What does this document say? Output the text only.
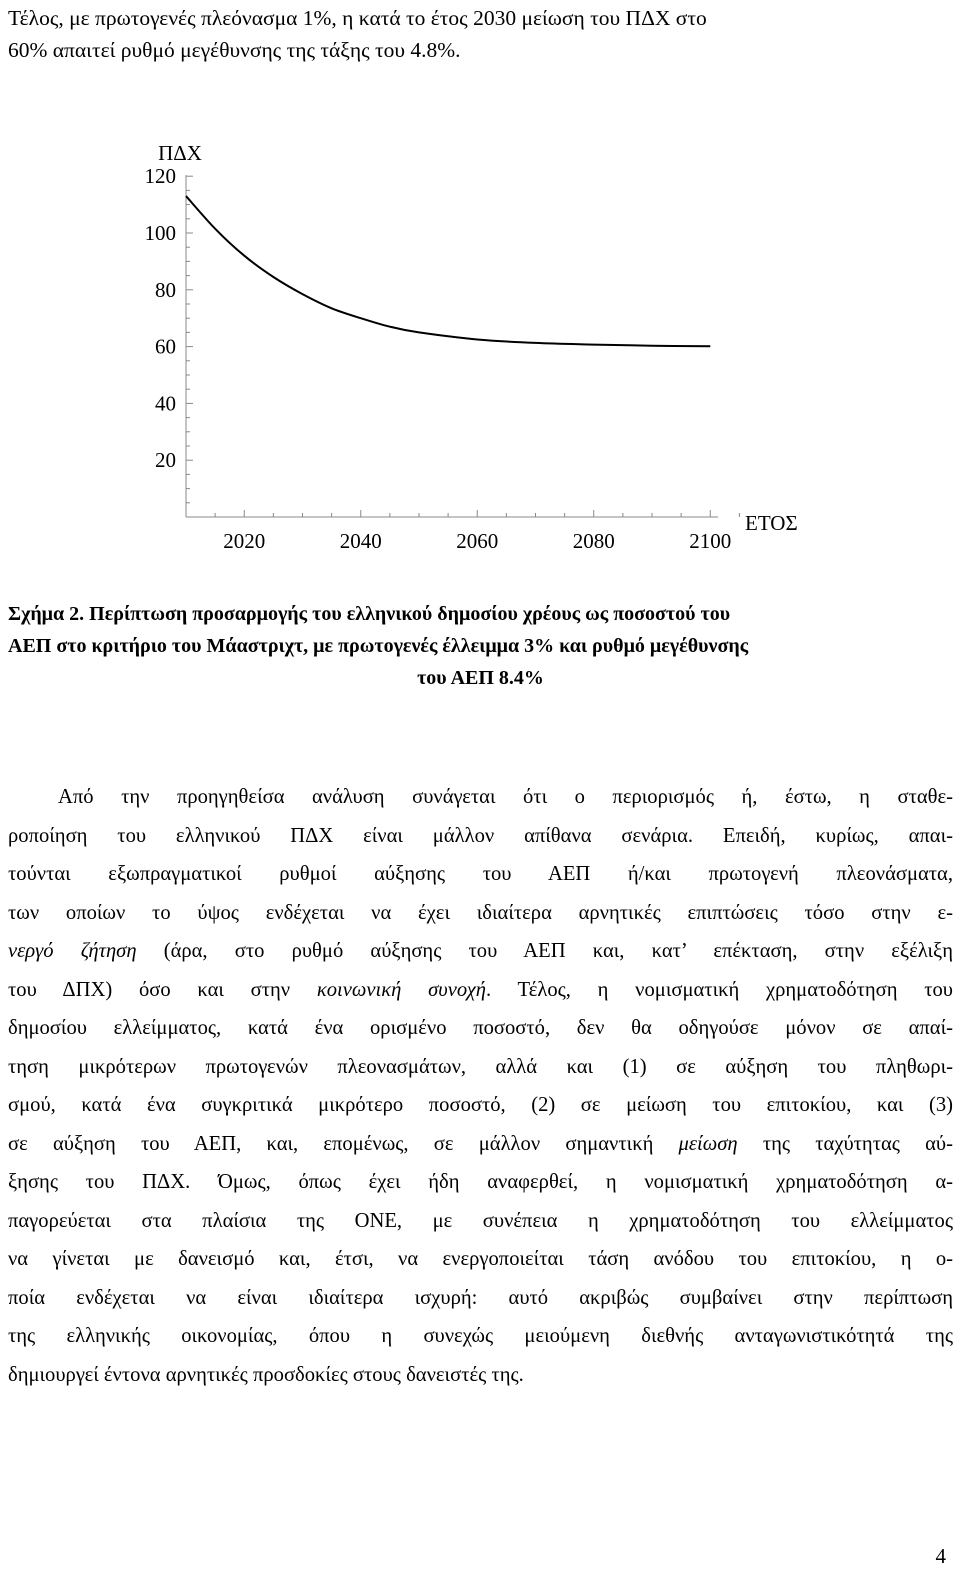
Τέλος, με πρωτογενές πλεόνασμα 1%, η κατά το έτος 2030 μείωση του ΠΔΧ στο
60% απαιτεί ρυθμό μεγέθυνσης της τάξης του 4.8%.

ΠΔΧ
ΕΤΟΣ
2020	2040	2060	2080	2100
20
40
60
80
100
120

Σχήμα 2. Περίπτωση προσαρμογής του ελληνικού δημοσίου χρέους ως ποσοστού του
ΑΕΠ στο κριτήριο του Μάαστριχτ, με πρωτογενές έλλειμμα 3% και ρυθμό μεγέθυνσης
του ΑΕΠ 8.4%

Από την προηγηθείσα ανάλυση συνάγεται ότι ο περιορισμός ή, έστω, η σταθε-
ροποίηση του ελληνικού ΠΔΧ είναι μάλλον απίθανα σενάρια. Επειδή, κυρίως, απαι-
τούνται εξωπραγματικοί ρυθμοί αύξησης του ΑΕΠ ή/και πρωτογενή πλεονάσματα,
των οποίων το ύψος ενδέχεται να έχει ιδιαίτερα αρνητικές επιπτώσεις τόσο στην ε-
νεργό ζήτηση (άρα, στο ρυθμό αύξησης του ΑΕΠ και, κατ’ επέκταση, στην εξέλιξη
του ΔΠΧ) όσο και στην κοινωνική συνοχή. Τέλος, η νομισματική χρηματοδότηση του
δημοσίου ελλείμματος, κατά ένα ορισμένο ποσοστό, δεν θα οδηγούσε μόνον σε απαί-
τηση μικρότερων πρωτογενών πλεονασμάτων, αλλά και (1) σε αύξηση του πληθωρι-
σμού, κατά ένα συγκριτικά μικρότερο ποσοστό, (2) σε μείωση του επιτοκίου, και (3)
σε αύξηση του ΑΕΠ, και, επομένως, σε μάλλον σημαντική μείωση της ταχύτητας αύ-
ξησης του ΠΔΧ. Όμως, όπως έχει ήδη αναφερθεί, η νομισματική χρηματοδότηση α-
παγορεύεται στα πλαίσια της ΟΝΕ, με συνέπεια η χρηματοδότηση του ελλείμματος
να γίνεται με δανεισμό και, έτσι, να ενεργοποιείται τάση ανόδου του επιτοκίου, η ο-
ποία ενδέχεται να είναι ιδιαίτερα ισχυρή: αυτό ακριβώς συμβαίνει στην περίπτωση
της ελληνικής οικονομίας, όπου η συνεχώς μειούμενη διεθνής ανταγωνιστικότητά της
δημιουργεί έντονα αρνητικές προσδοκίες στους δανειστές της.

4
